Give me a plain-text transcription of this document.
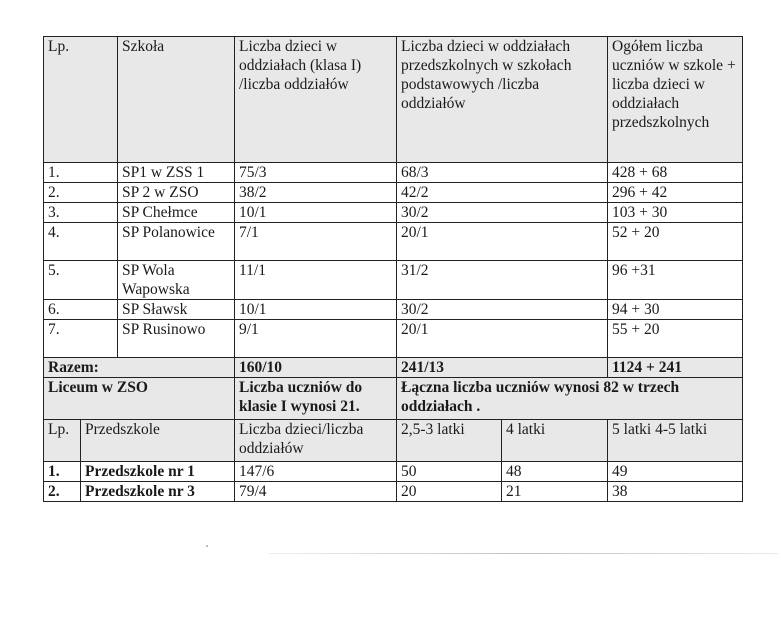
Lp.		Szkoła	Liczba dzieci w oddziałach (klasa I) /liczba oddziałów	Liczba dzieci w oddziałach przedszkolnych w szkołach podstawowych /liczba oddziałów		Ogółem liczba uczniów w szkole + liczba dzieci w oddziałach przedszkolnych
1.		SP1 w ZSS 1	75/3	68/3		428 + 68
2.		SP 2 w ZSO	38/2	42/2		296 + 42
3.		SP Chełmce	10/1	30/2		103 + 30
4.		SP Polanowice	7/1	20/1		52 + 20
5.		SP Wola Wapowska	11/1	31/2		96 +31
6.		SP Sławsk	10/1	30/2		94 + 30
7.		SP Rusinowo	9/1	20/1		55 + 20
Razem:			160/10	241/13		1124 + 241
Liceum w ZSO			Liczba uczniów do klasie I wynosi 21.	Łączna liczba uczniów wynosi 82 w trzech oddziałach .		
Lp.	Przedszkole		Liczba dzieci/liczba oddziałów	2,5-3 latki	4 latki	5 latki 4-5 latki
1.	Przedszkole nr 1		147/6	50	48	49
2.	Przedszkole nr 3		79/4	20	21	38
